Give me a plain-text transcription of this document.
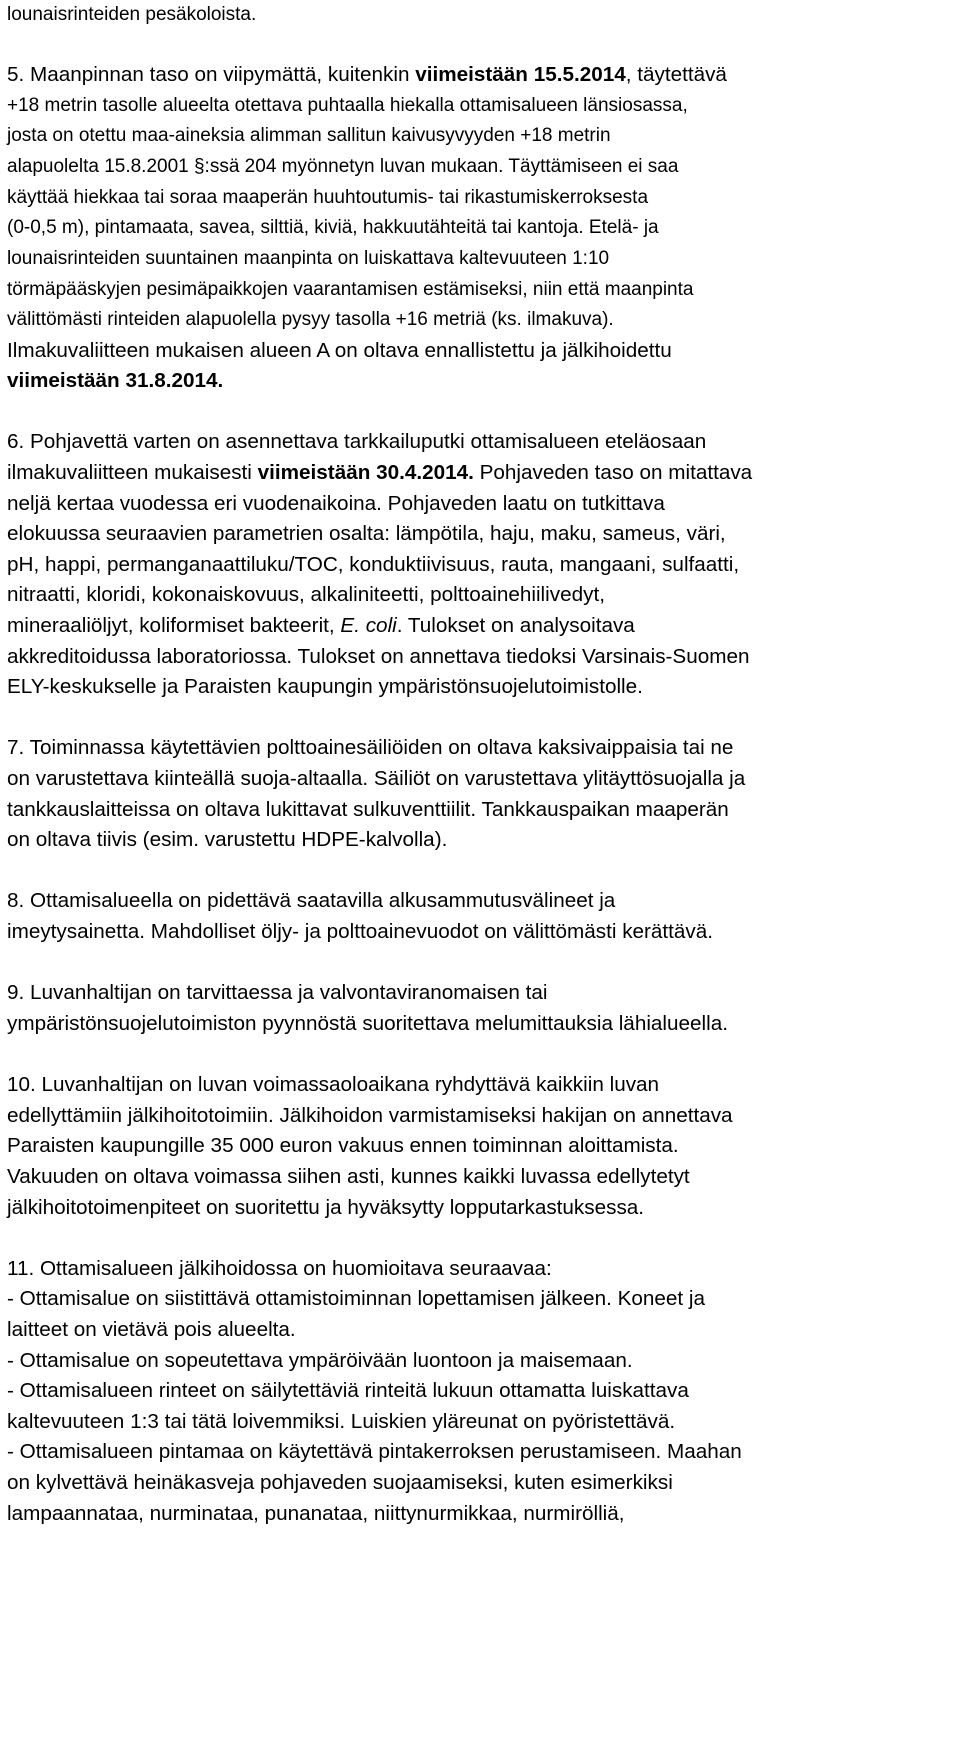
lounaisrinteiden pesäkoloista.
5. Maanpinnan taso on viipymättä, kuitenkin viimeistään 15.5.2014, täytettävä
+18 metrin tasolle alueelta otettava puhtaalla hiekalla ottamisalueen länsiosassa,
josta on otettu maa-aineksia alimman sallitun kaivusyvyyden +18 metrin
alapuolelta 15.8.2001 §:ssä 204 myönnetyn luvan mukaan. Täyttämiseen ei saa
käyttää hiekkaa tai soraa maaperän huuhtoutumis- tai rikastumiskerroksesta
(0-0,5 m), pintamaata, savea, silttiä, kiviä, hakkuutähteitä tai kantoja. Etelä- ja
lounaisrinteiden suuntainen maanpinta on luiskattava kaltevuuteen 1:10
törmäpääskyjen pesimäpaikkojen vaarantamisen estämiseksi, niin että maanpinta
välittömästi rinteiden alapuolella pysyy tasolla +16 metriä (ks. ilmakuva).
Ilmakuvaliitteen mukaisen alueen A on oltava ennallistettu ja jälkihoidettu
viimeistään 31.8.2014.
6. Pohjavettä varten on asennettava tarkkailuputki ottamisalueen eteläosaan
ilmakuvaliitteen mukaisesti viimeistään 30.4.2014. Pohjaveden taso on mitattava
neljä kertaa vuodessa eri vuodenaikoina. Pohjaveden laatu on tutkittava
elokuussa seuraavien parametrien osalta: lämpötila, haju, maku, sameus, väri,
pH, happi, permanganaattiluku/TOC, konduktiivisuus, rauta, mangaani, sulfaatti,
nitraatti, kloridi, kokonaiskovuus, alkaliniteetti, polttoainehiilivedyt,
mineraaliöljyt, koliformiset bakteerit, E. coli. Tulokset on analysoitava
akkreditoidussa laboratoriossa. Tulokset on annettava tiedoksi Varsinais-Suomen
ELY-keskukselle ja Paraisten kaupungin ympäristönsuojelutoimistolle.
7. Toiminnassa käytettävien polttoainesäiliöiden on oltava kaksivaippaisia tai ne
on varustettava kiinteällä suoja-altaalla. Säiliöt on varustettava ylitäyttösuojalla ja
tankkauslaitteissa on oltava lukittavat sulkuventtiilit. Tankkauspaikan maaperän
on oltava tiivis (esim. varustettu HDPE-kalvolla).
8. Ottamisalueella on pidettävä saatavilla alkusammutusvälineet ja
imeytysainetta. Mahdolliset öljy- ja polttoainevuodot on välittömästi kerättävä.
9. Luvanhaltijan on tarvittaessa ja valvontaviranomaisen tai
ympäristönsuojelutoimiston pyynnöstä suoritettava melumittauksia lähialueella.
10. Luvanhaltijan on luvan voimassaoloaikana ryhdyttävä kaikkiin luvan
edellyttämiin jälkihoitotoimiin. Jälkihoidon varmistamiseksi hakijan on annettava
Paraisten kaupungille 35 000 euron vakuus ennen toiminnan aloittamista.
Vakuuden on oltava voimassa siihen asti, kunnes kaikki luvassa edellytetyt
jälkihoitotoimenpiteet on suoritettu ja hyväksytty lopputarkastuksessa.
11. Ottamisalueen jälkihoidossa on huomioitava seuraavaa:
- Ottamisalue on siistittävä ottamistoiminnan lopettamisen jälkeen. Koneet ja
laitteet on vietävä pois alueelta.
- Ottamisalue on sopeutettava ympäröivään luontoon ja maisemaan.
- Ottamisalueen rinteet on säilytettäviä rinteitä lukuun ottamatta luiskattava
kaltevuuteen 1:3 tai tätä loivemmiksi. Luiskien yläreunat on pyöristettävä.
- Ottamisalueen pintamaa on käytettävä pintakerroksen perustamiseen. Maahan
on kylvettävä heinäkasveja pohjaveden suojaamiseksi, kuten esimerkiksi
lampaannataa, nurminataa, punanataa, niittynurmikkaa, nurmirölliä,
